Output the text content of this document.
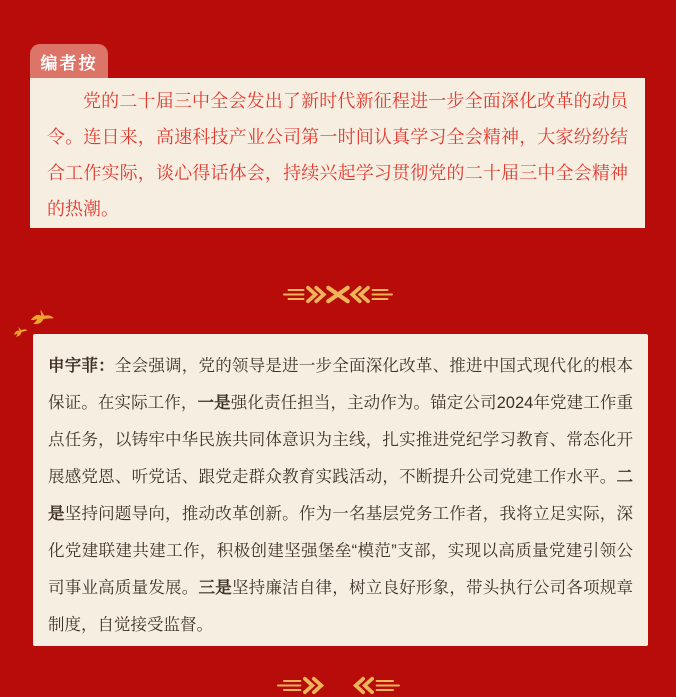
编者按

党的二十届三中全会发出了新时代新征程进一步全面深化改革的动员令。连日来，高速科技产业公司第一时间认真学习全会精神，大家纷纷结合工作实际，谈心得话体会，持续兴起学习贯彻党的二十届三中全会精神的热潮。

申宇菲：全会强调，党的领导是进一步全面深化改革、推进中国式现代化的根本保证。在实际工作，一是强化责任担当，主动作为。锚定公司2024年党建工作重点任务，以铸牢中华民族共同体意识为主线，扎实推进党纪学习教育、常态化开展感党恩、听党话、跟党走群众教育实践活动，不断提升公司党建工作水平。二是坚持问题导向，推动改革创新。作为一名基层党务工作者，我将立足实际，深化党建联建共建工作，积极创建坚强堡垒“模范”支部，实现以高质量党建引领公司事业高质量发展。三是坚持廉洁自律，树立良好形象，带头执行公司各项规章制度，自觉接受监督。
